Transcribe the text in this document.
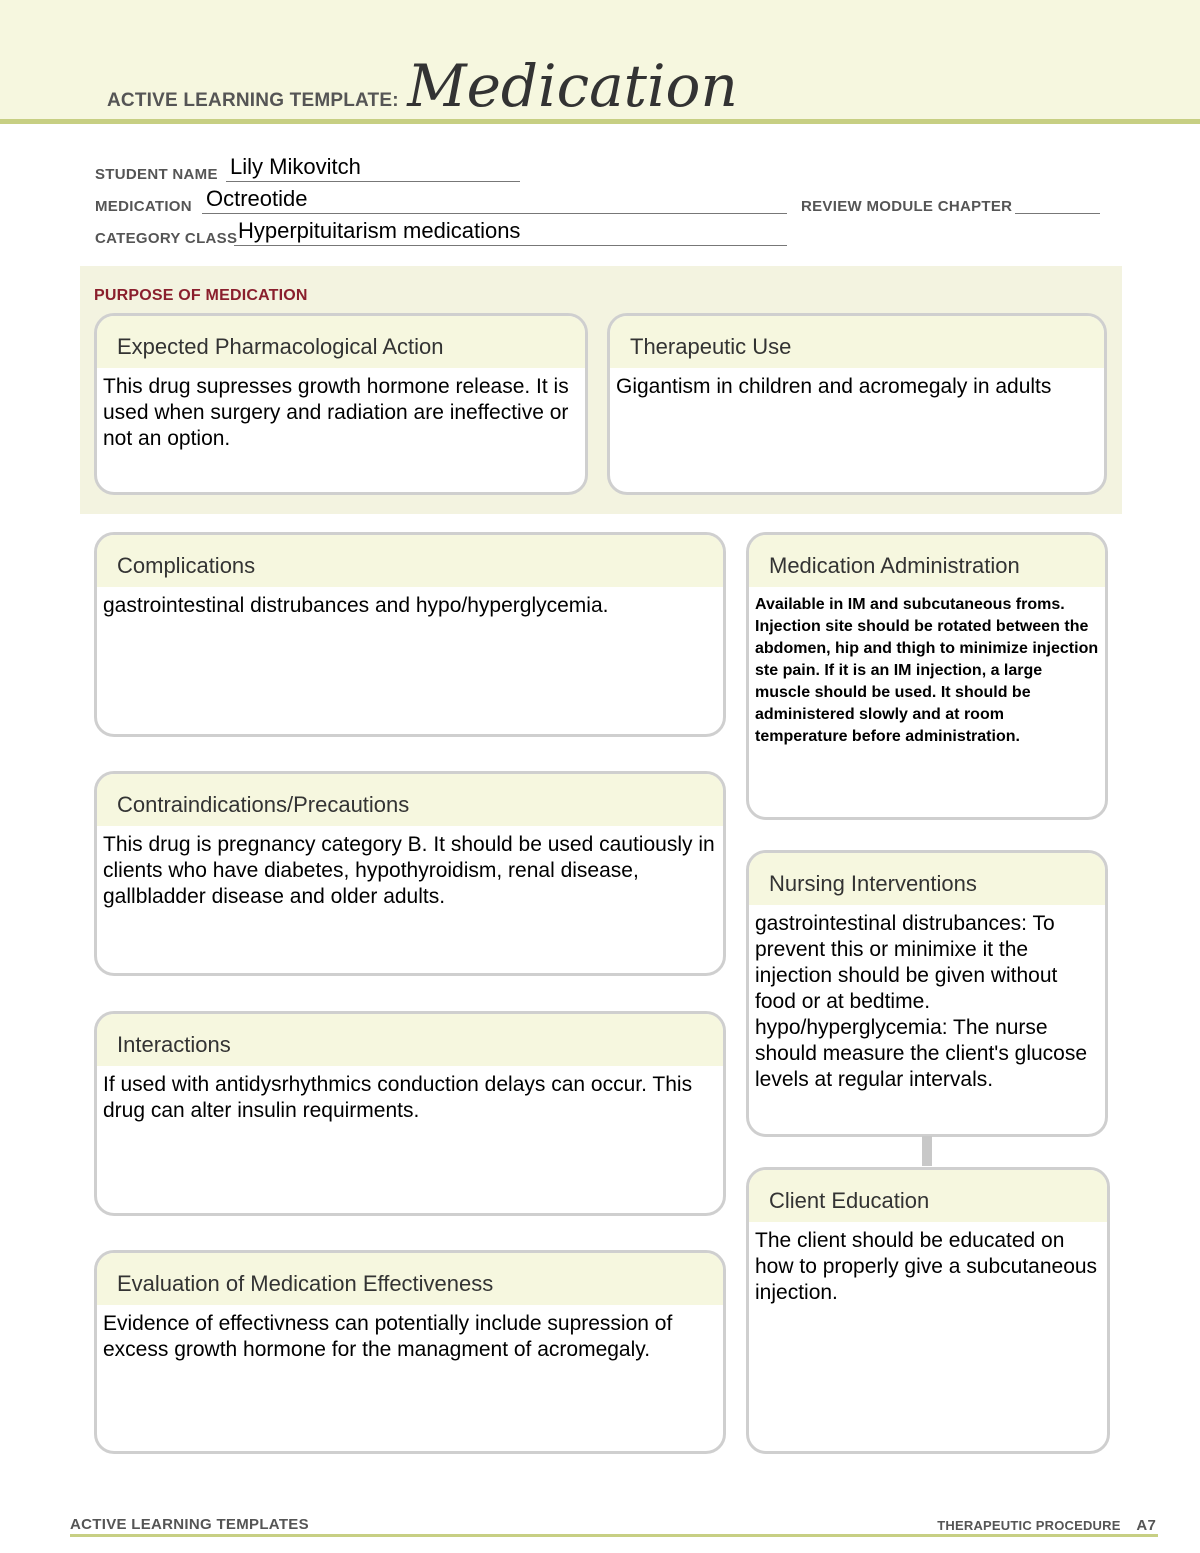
ACTIVE LEARNING TEMPLATE: Medication
STUDENT NAME Lily Mikovitch
MEDICATION Octreotide	REVIEW MODULE CHAPTER
CATEGORY CLASS Hyperpituitarism medications
PURPOSE OF MEDICATION
Expected Pharmacological Action
This drug supresses growth hormone release. It is used when surgery and radiation are ineffective or not an option.
Therapeutic Use
Gigantism in children and acromegaly in adults
Complications
gastrointestinal distrubances and hypo/hyperglycemia.
Contraindications/Precautions
This drug is pregnancy category B. It should be used cautiously in clients who have diabetes, hypothyroidism, renal disease, gallbladder disease and older adults.
Interactions
If used with antidysrhythmics conduction delays can occur. This drug can alter insulin requirments.
Evaluation of Medication Effectiveness
Evidence of effectivness can potentially include supression of excess growth hormone for the managment of acromegaly.
Medication Administration
Available in IM and subcutaneous froms. Injection site should be rotated between the abdomen, hip and thigh to minimize injection ste pain. If it is an IM injection, a large muscle should be used. It should be administered slowly and at room temperature before administration.
Nursing Interventions
gastrointestinal distrubances: To prevent this or minimixe it the injection should be given without food or at bedtime. hypo/hyperglycemia: The nurse should measure the client's glucose levels at regular intervals.
Client Education
The client should be educated on how to properly give a subcutaneous injection.
ACTIVE LEARNING TEMPLATES	THERAPEUTIC PROCEDURE A7
